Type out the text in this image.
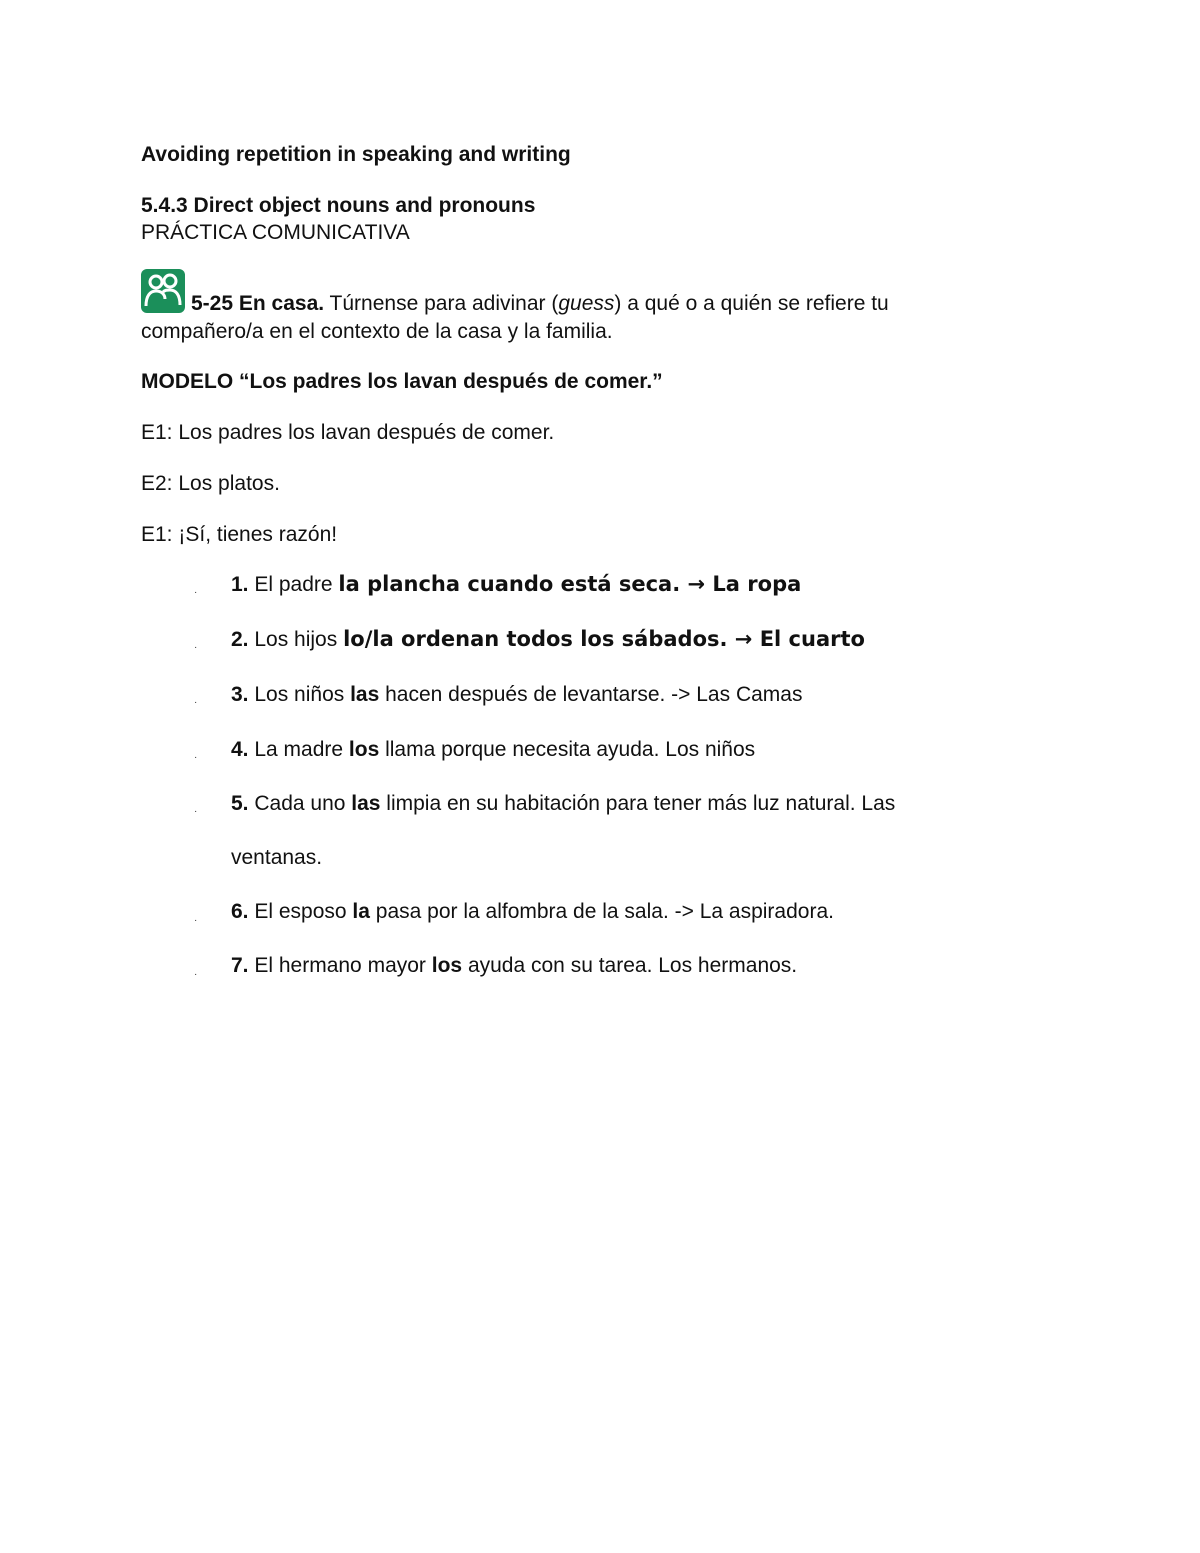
Avoiding repetition in speaking and writing

5.4.3 Direct object nouns and pronouns

PRÁCTICA COMUNICATIVA

5-25 En casa. Túrnense para adivinar (guess) a qué o a quién se refiere tu
compañero/a en el contexto de la casa y la familia.

MODELO “Los padres los lavan después de comer.”

E1: Los padres los lavan después de comer.

E2: Los platos.

E1: ¡Sí, tienes razón!

· 1. El padre la plancha cuando está seca. → La ropa
· 2. Los hijos lo/la ordenan todos los sábados. → El cuarto
· 3. Los niños las hacen después de levantarse. -> Las Camas
· 4. La madre los llama porque necesita ayuda. Los niños
· 5. Cada uno las limpia en su habitación para tener más luz natural. Las
ventanas.
· 6. El esposo la pasa por la alfombra de la sala. -> La aspiradora.
· 7. El hermano mayor los ayuda con su tarea. Los hermanos.
